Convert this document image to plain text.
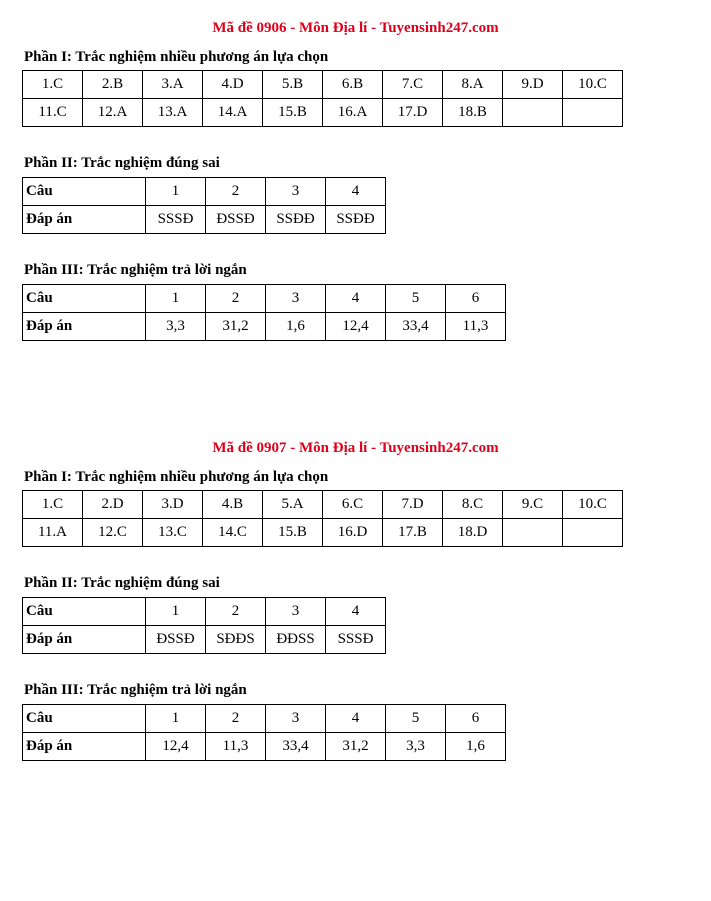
Mã đề 0906 - Môn Địa lí - Tuyensinh247.com
Phần I: Trắc nghiệm nhiều phương án lựa chọn
1.C	2.B	3.A	4.D	5.B	6.B	7.C	8.A	9.D	10.C
11.C	12.A	13.A	14.A	15.B	16.A	17.D	18.B		
Phần II: Trắc nghiệm đúng sai
Câu	1	2	3	4
Đáp án	SSSĐ	ĐSSĐ	SSĐĐ	SSĐĐ
Phần III: Trắc nghiệm trả lời ngắn
Câu	1	2	3	4	5	6
Đáp án	3,3	31,2	1,6	12,4	33,4	11,3
Mã đề 0907 - Môn Địa lí - Tuyensinh247.com
Phần I: Trắc nghiệm nhiều phương án lựa chọn
1.C	2.D	3.D	4.B	5.A	6.C	7.D	8.C	9.C	10.C
11.A	12.C	13.C	14.C	15.B	16.D	17.B	18.D		
Phần II: Trắc nghiệm đúng sai
Câu	1	2	3	4
Đáp án	ĐSSĐ	SĐĐS	ĐĐSS	SSSĐ
Phần III: Trắc nghiệm trả lời ngắn
Câu	1	2	3	4	5	6
Đáp án	12,4	11,3	33,4	31,2	3,3	1,6
